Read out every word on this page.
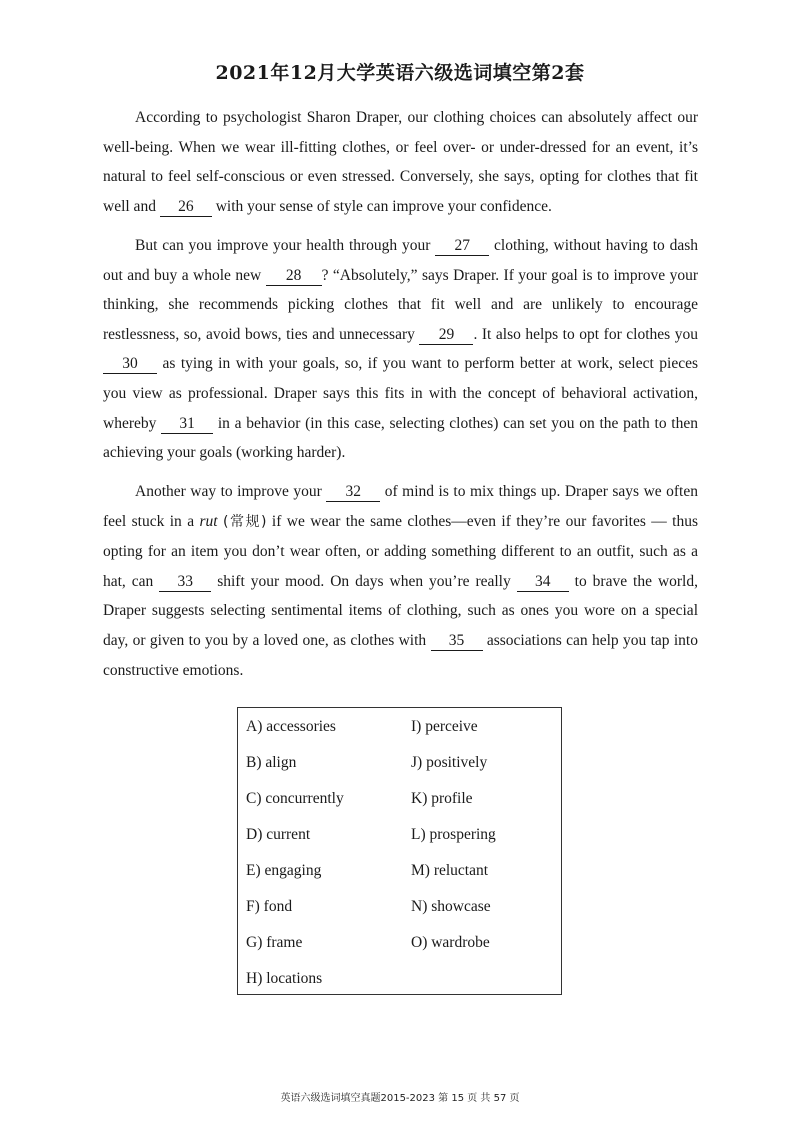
2021年12月大学英语六级选词填空第2套

According to psychologist Sharon Draper, our clothing choices can absolutely affect our well-being. When we wear ill-fitting clothes, or feel over- or under-dressed for an event, it’s natural to feel self-conscious or even stressed. Conversely, she says, opting for clothes that fit well and 26 with your sense of style can improve your confidence.

But can you improve your health through your 27 clothing, without having to dash out and buy a whole new 28 ? “Absolutely,” says Draper. If your goal is to improve your thinking, she recommends picking clothes that fit well and are unlikely to encourage restlessness, so, avoid bows, ties and unnecessary 29 . It also helps to opt for clothes you 30 as tying in with your goals, so, if you want to perform better at work, select pieces you view as professional. Draper says this fits in with the concept of behavioral activation, whereby 31 in a behavior (in this case, selecting clothes) can set you on the path to then achieving your goals (working harder).

Another way to improve your 32 of mind is to mix things up. Draper says we often feel stuck in a rut (常规) if we wear the same clothes—even if they’re our favorites — thus opting for an item you don’t wear often, or adding something different to an outfit, such as a hat, can 33 shift your mood. On days when you’re really 34 to brave the world, Draper suggests selecting sentimental items of clothing, such as ones you wore on a special day, or given to you by a loved one, as clothes with 35 associations can help you tap into constructive emotions.

A) accessories
B) align
C) concurrently
D) current
E) engaging
F) fond
G) frame
H) locations
I) perceive
J) positively
K) profile
L) prospering
M) reluctant
N) showcase
O) wardrobe
英语六级选词填空真题2015-2023 第 15 页 共 57 页
